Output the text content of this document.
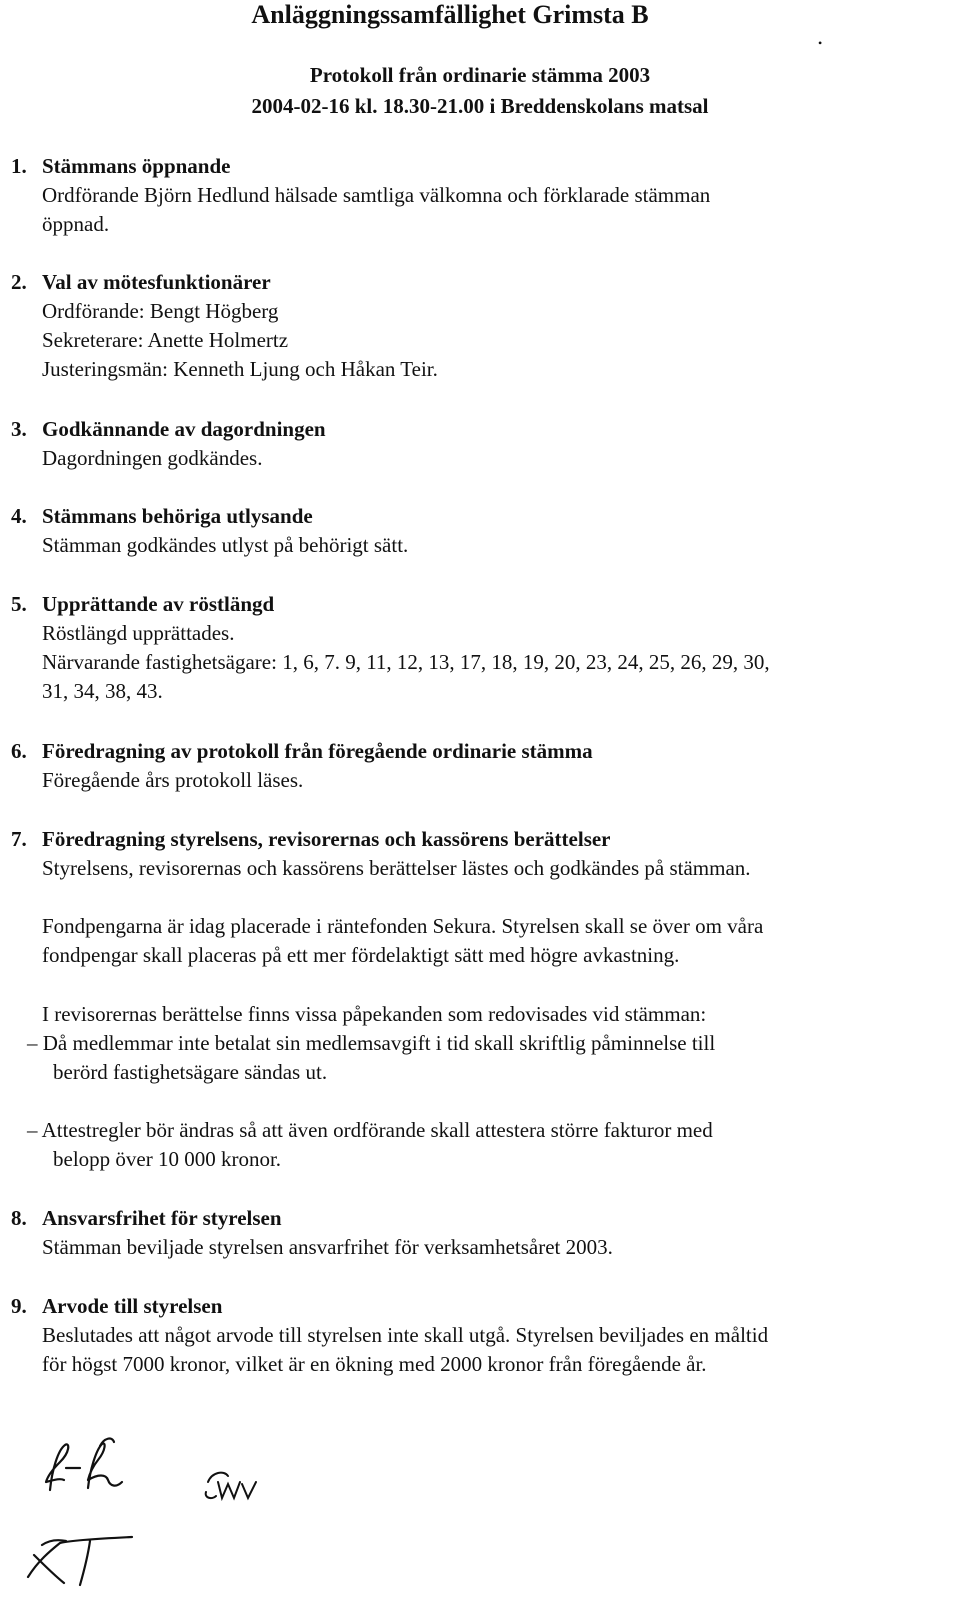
Anläggningssamfällighet Grimsta B
•
Protokoll från ordinarie stämma 2003
2004-02-16 kl. 18.30-21.00 i Breddenskolans matsal
1. Stämmans öppnande
Ordförande Björn Hedlund hälsade samtliga välkomna och förklarade stämman
öppnad.
2. Val av mötesfunktionärer
Ordförande: Bengt Högberg
Sekreterare: Anette Holmertz
Justeringsmän: Kenneth Ljung och Håkan Teir.
3. Godkännande av dagordningen
Dagordningen godkändes.
4. Stämmans behöriga utlysande
Stämman godkändes utlyst på behörigt sätt.
5. Upprättande av röstlängd
Röstlängd upprättades.
Närvarande fastighetsägare: 1, 6, 7. 9, 11, 12, 13, 17, 18, 19, 20, 23, 24, 25, 26, 29, 30,
31, 34, 38, 43.
6. Föredragning av protokoll från föregående ordinarie stämma
Föregående års protokoll läses.
7. Föredragning styrelsens, revisorernas och kassörens berättelser
Styrelsens, revisorernas och kassörens berättelser lästes och godkändes på stämman.
Fondpengarna är idag placerade i räntefonden Sekura. Styrelsen skall se över om våra
fondpengar skall placeras på ett mer fördelaktigt sätt med högre avkastning.
I revisorernas berättelse finns vissa påpekanden som redovisades vid stämman:
– Då medlemmar inte betalat sin medlemsavgift i tid skall skriftlig påminnelse till
berörd fastighetsägare sändas ut.
– Attestregler bör ändras så att även ordförande skall attestera större fakturor med
belopp över 10 000 kronor.
8. Ansvarsfrihet för styrelsen
Stämman beviljade styrelsen ansvarfrihet för verksamhetsåret 2003.
9. Arvode till styrelsen
Beslutades att något arvode till styrelsen inte skall utgå. Styrelsen beviljades en måltid
för högst 7000 kronor, vilket är en ökning med 2000 kronor från föregående år.
